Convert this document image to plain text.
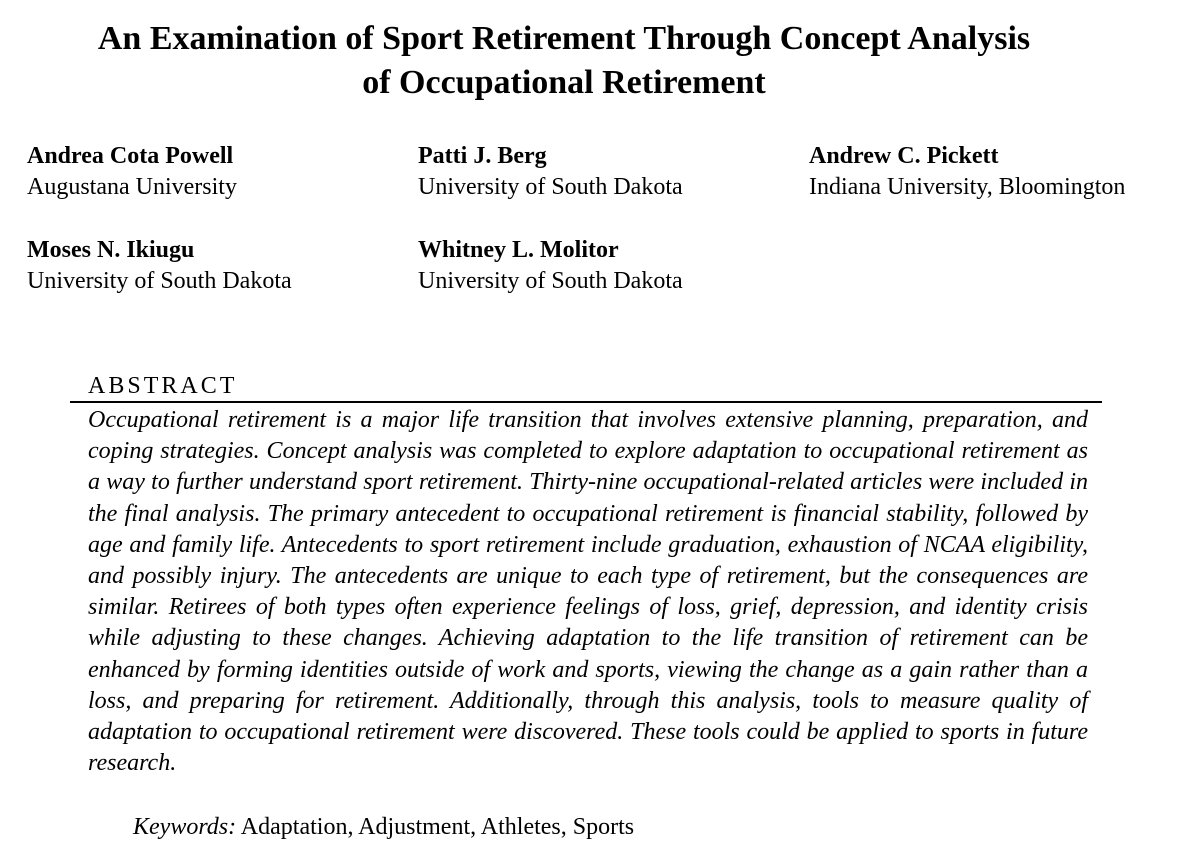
An Examination of Sport Retirement Through Concept Analysis
of Occupational Retirement
Andrea Cota Powell
Augustana University
Patti J. Berg
University of South Dakota
Andrew C. Pickett
Indiana University, Bloomington
Moses N. Ikiugu
University of South Dakota
Whitney L. Molitor
University of South Dakota
ABSTRACT

Occupational retirement is a major life transition that involves extensive planning, preparation, and coping strategies. Concept analysis was completed to explore adaptation to occupational retirement as a way to further understand sport retirement. Thirty-nine occupational-related articles were included in the final analysis. The primary antecedent to occupational retirement is financial stability, followed by age and family life. Antecedents to sport retirement include graduation, exhaustion of NCAA eligibility, and possibly injury. The antecedents are unique to each type of retirement, but the consequences are similar. Retirees of both types often experience feelings of loss, grief, depression, and identity crisis while adjusting to these changes. Achieving adaptation to the life transition of retirement can be enhanced by forming identities outside of work and sports, viewing the change as a gain rather than a loss, and preparing for retirement. Additionally, through this analysis, tools to measure quality of adaptation to occupational retirement were discovered. These tools could be applied to sports in future research.

Keywords: Adaptation, Adjustment, Athletes, Sports
